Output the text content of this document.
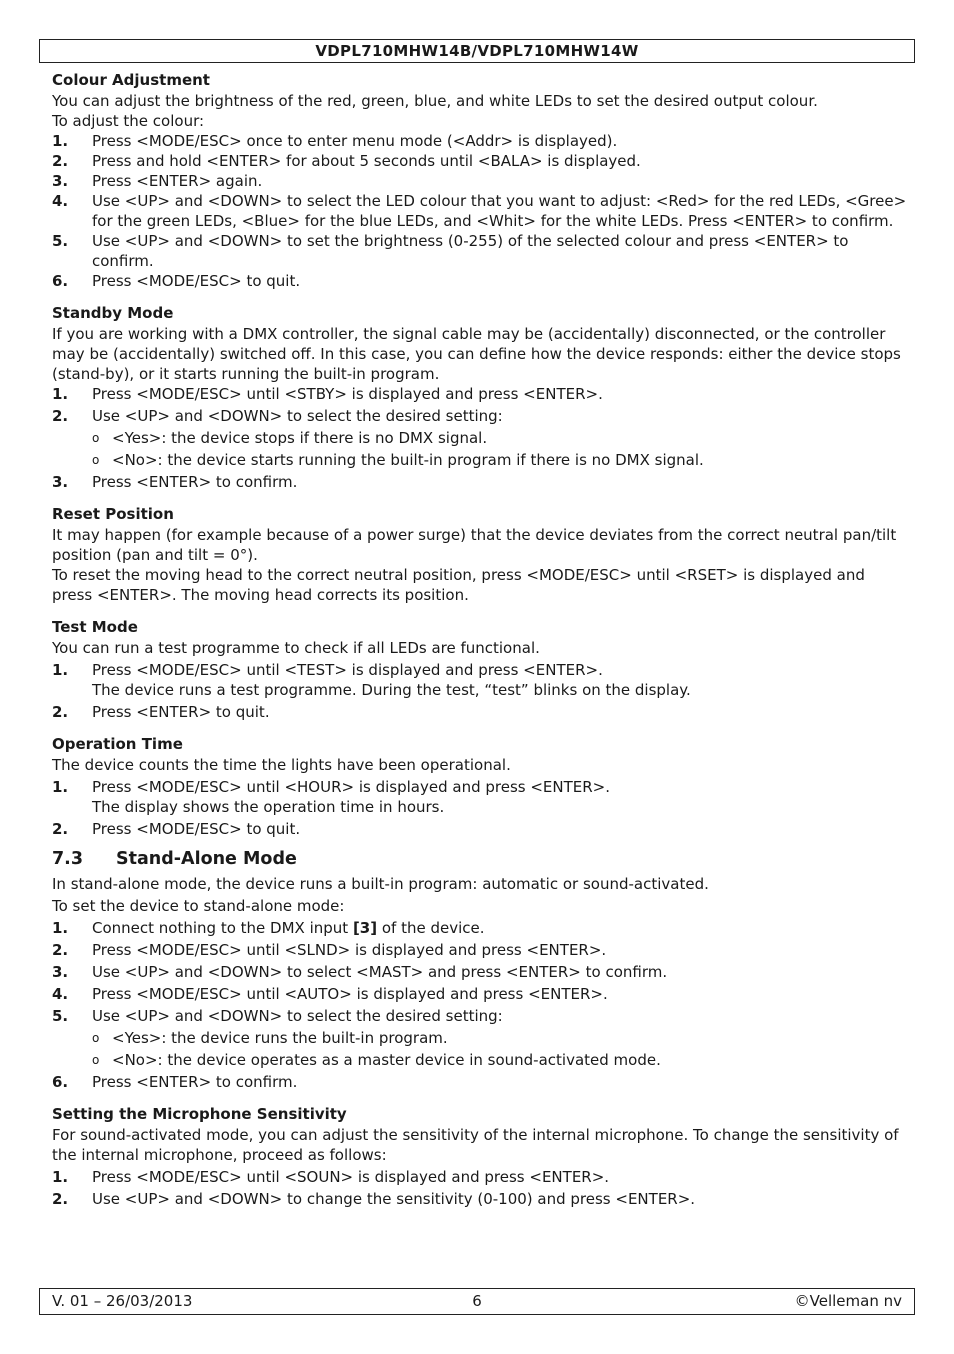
VDPL710MHW14B/VDPL710MHW14W
Colour Adjustment

You can adjust the brightness of the red, green, blue, and white LEDs to set the desired output colour.

To adjust the colour:

1. Press <MODE/ESC> once to enter menu mode (<Addr> is displayed).
2. Press and hold <ENTER> for about 5 seconds until <BALA> is displayed.
3. Press <ENTER> again.
4. Use <UP> and <DOWN> to select the LED colour that you want to adjust: <Red> for the red LEDs, <Gree> for the green LEDs, <Blue> for the blue LEDs, and <Whit> for the white LEDs. Press <ENTER> to confirm.
5. Use <UP> and <DOWN> to set the brightness (0-255) of the selected colour and press <ENTER> to confirm.
6. Press <MODE/ESC> to quit.
Standby Mode

If you are working with a DMX controller, the signal cable may be (accidentally) disconnected, or the controller may be (accidentally) switched off. In this case, you can define how the device responds: either the device stops (stand-by), or it starts running the built-in program.

1. Press <MODE/ESC> until <STBY> is displayed and press <ENTER>.
2. Use <UP> and <DOWN> to select the desired setting:
o <Yes>: the device stops if there is no DMX signal.
o <No>: the device starts running the built-in program if there is no DMX signal.
3. Press <ENTER> to confirm.
Reset Position

It may happen (for example because of a power surge) that the device deviates from the correct neutral pan/tilt position (pan and tilt = 0°).

To reset the moving head to the correct neutral position, press <MODE/ESC> until <RSET> is displayed and press <ENTER>. The moving head corrects its position.

Test Mode

You can run a test programme to check if all LEDs are functional.

1. Press <MODE/ESC> until <TEST> is displayed and press <ENTER>.
The device runs a test programme. During the test, “test” blinks on the display.
2. Press <ENTER> to quit.
Operation Time

The device counts the time the lights have been operational.

1. Press <MODE/ESC> until <HOUR> is displayed and press <ENTER>.
The display shows the operation time in hours.
2. Press <MODE/ESC> to quit.
7.3	Stand-Alone Mode

In stand-alone mode, the device runs a built-in program: automatic or sound-activated.

To set the device to stand-alone mode:

1. Connect nothing to the DMX input [3] of the device.
2. Press <MODE/ESC> until <SLND> is displayed and press <ENTER>.
3. Use <UP> and <DOWN> to select <MAST> and press <ENTER> to confirm.
4. Press <MODE/ESC> until <AUTO> is displayed and press <ENTER>.
5. Use <UP> and <DOWN> to select the desired setting:
o <Yes>: the device runs the built-in program.
o <No>: the device operates as a master device in sound-activated mode.
6. Press <ENTER> to confirm.
Setting the Microphone Sensitivity

For sound-activated mode, you can adjust the sensitivity of the internal microphone. To change the sensitivity of the internal microphone, proceed as follows:

1. Press <MODE/ESC> until <SOUN> is displayed and press <ENTER>.
2. Use <UP> and <DOWN> to change the sensitivity (0-100) and press <ENTER>.
V. 01 – 26/03/2013	6	©Velleman nv
